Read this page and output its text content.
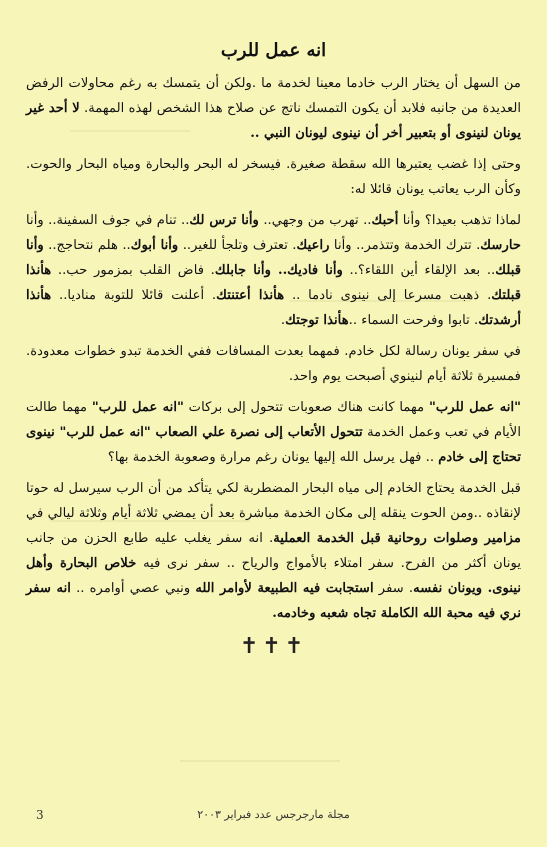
انه عمل للرب

من السهل أن يختار الرب خادما معينا لخدمة ما .ولكن أن يتمسك به رغم محاولات الرفض العديدة من جانبه فلابد أن يكون التمسك ناتج عن صلاح هذا الشخص لهذه المهمة. لا أحد غير يونان لنينوى أو بتعبير أخر أن نينوى ليونان النبي ..

وحتى إذا غضب يعتبرها الله سقطة صغيرة. فيسخر له البحر والبحارة ومياه البحار والحوت. وكأن الرب يعاتب يونان قائلا له:

لماذا تذهب بعيدا؟ وأنا أحبك.. تهرب من وجهي.. وأنا ترس لك.. تنام في جوف السفينة.. وأنا حارسك. تترك الخدمة وتتذمر.. وأنا راعيك. تعترف وتلجأ للغير.. وأنا أبوك.. هلم نتحاجج.. وأنا قبلك.. بعد الإلقاء أين اللقاء؟.. وأنا فاديك.. وأنا جابلك. فاض القلب بمزمور حب.. هأنذا قبلتك. ذهبت مسرعا إلى نينوى نادما .. هأنذا أعتنتك. أعلنت قائلا للتوبة مناديا.. هأنذا أرشدتك. تابوا وفرحت السماء ..هأنذا توجتك.

في سفر يونان رسالة لكل خادم. فمهما بعدت المسافات ففي الخدمة تبدو خطوات معدودة. فمسيرة ثلاثة أيام لنينوي أصبحت يوم واحد.

"انه عمل للرب" مهما كانت هناك صعوبات تتحول إلى بركات "انه عمل للرب" مهما طالت الأيام في تعب وعمل الخدمة تتحول الأتعاب إلى نصرة علي الصعاب "انه عمل للرب" نينوى تحتاج إلى خادم .. فهل يرسل الله إليها يونان رغم مرارة وصعوبة الخدمة بها؟

قبل الخدمة يحتاج الخادم إلى مياه البحار المضطربة لكي يتأكد من أن الرب سيرسل له حوتا لإنقاذه ..ومن الحوت ينقله إلى مكان الخدمة مباشرة بعد أن يمضي ثلاثة أيام وثلاثة ليالي في مزامير وصلوات روحانية قبل الخدمة العملية. انه سفر يغلب عليه طابع الحزن من جانب يونان أكثر من الفرح. سفر امتلاء بالأمواج والرياح .. سفر نرى فيه خلاص البحارة وأهل نينوى. ويونان نفسه. سفر استجابت فيه الطبيعة لأوامر الله ونبي عصي أوامره .. انه سفر نري فيه محبة الله الكاملة تجاه شعبه وخادمه.

✝✝✝
مجلة مارجرجس عدد فبراير ٢٠٠٣
3
